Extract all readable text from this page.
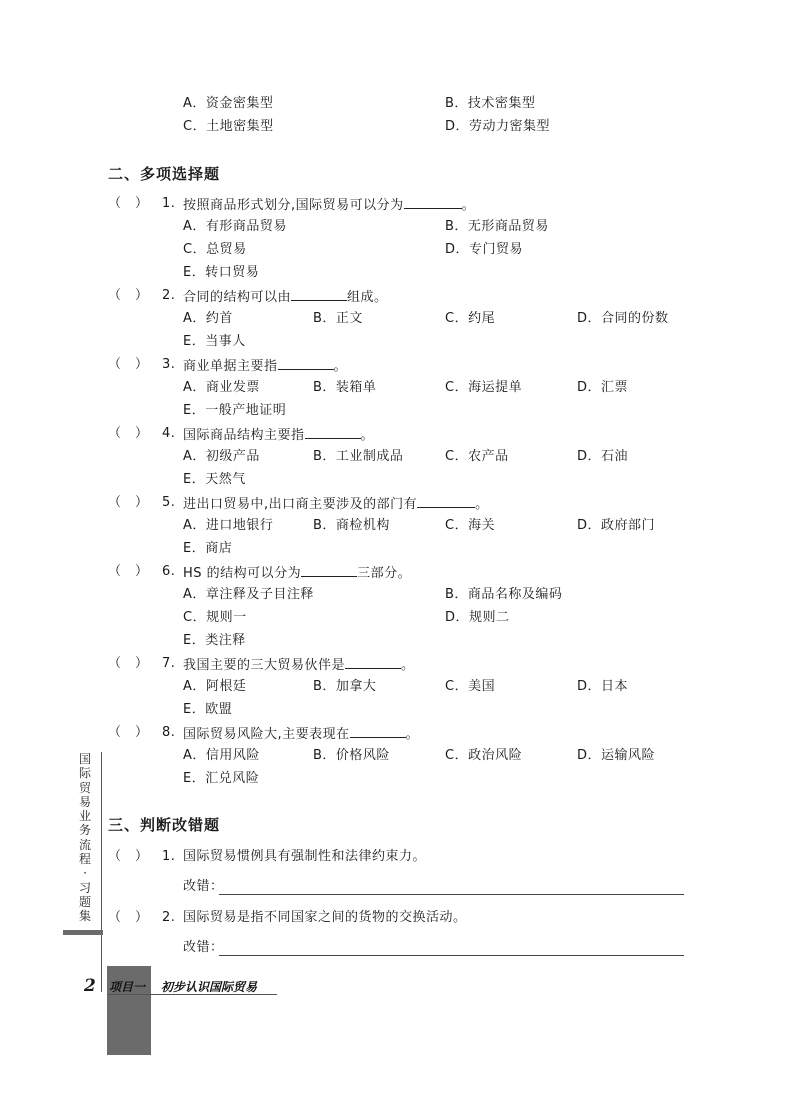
A．资金密集型	B．技术密集型
C．土地密集型	D．劳动力密集型
二、多项选择题
（　） 1. 按照商品形式划分,国际贸易可以分为	。
A．有形商品贸易	B．无形商品贸易
C．总贸易	D．专门贸易
E．转口贸易
（　） 2. 合同的结构可以由	组成。
A．约首	B．正文	C．约尾	D．合同的份数
E．当事人
（　） 3. 商业单据主要指	。
A．商业发票	B．装箱单	C．海运提单	D．汇票
E．一般产地证明
（　） 4. 国际商品结构主要指	。
A．初级产品	B．工业制成品	C．农产品	D．石油
E．天然气
（　） 5. 进出口贸易中,出口商主要涉及的部门有	。
A．进口地银行	B．商检机构	C．海关	D．政府部门
E．商店
（　） 6. HS 的结构可以分为	三部分。
A．章注释及子目注释	B．商品名称及编码
C．规则一	D．规则二
E．类注释
（　） 7. 我国主要的三大贸易伙伴是	。
A．阿根廷	B．加拿大	C．美国	D．日本
E．欧盟
（　） 8. 国际贸易风险大,主要表现在	。
A．信用风险	B．价格风险	C．政治风险	D．运输风险
E．汇兑风险
三、判断改错题
（　） 1. 国际贸易惯例具有强制性和法律约束力。
改错：
（　） 2. 国际贸易是指不同国家之间的货物的交换活动。
改错：
国
际
贸
易
业
务
流
程
·
习
题
集
2 项目一 初步认识国际贸易
